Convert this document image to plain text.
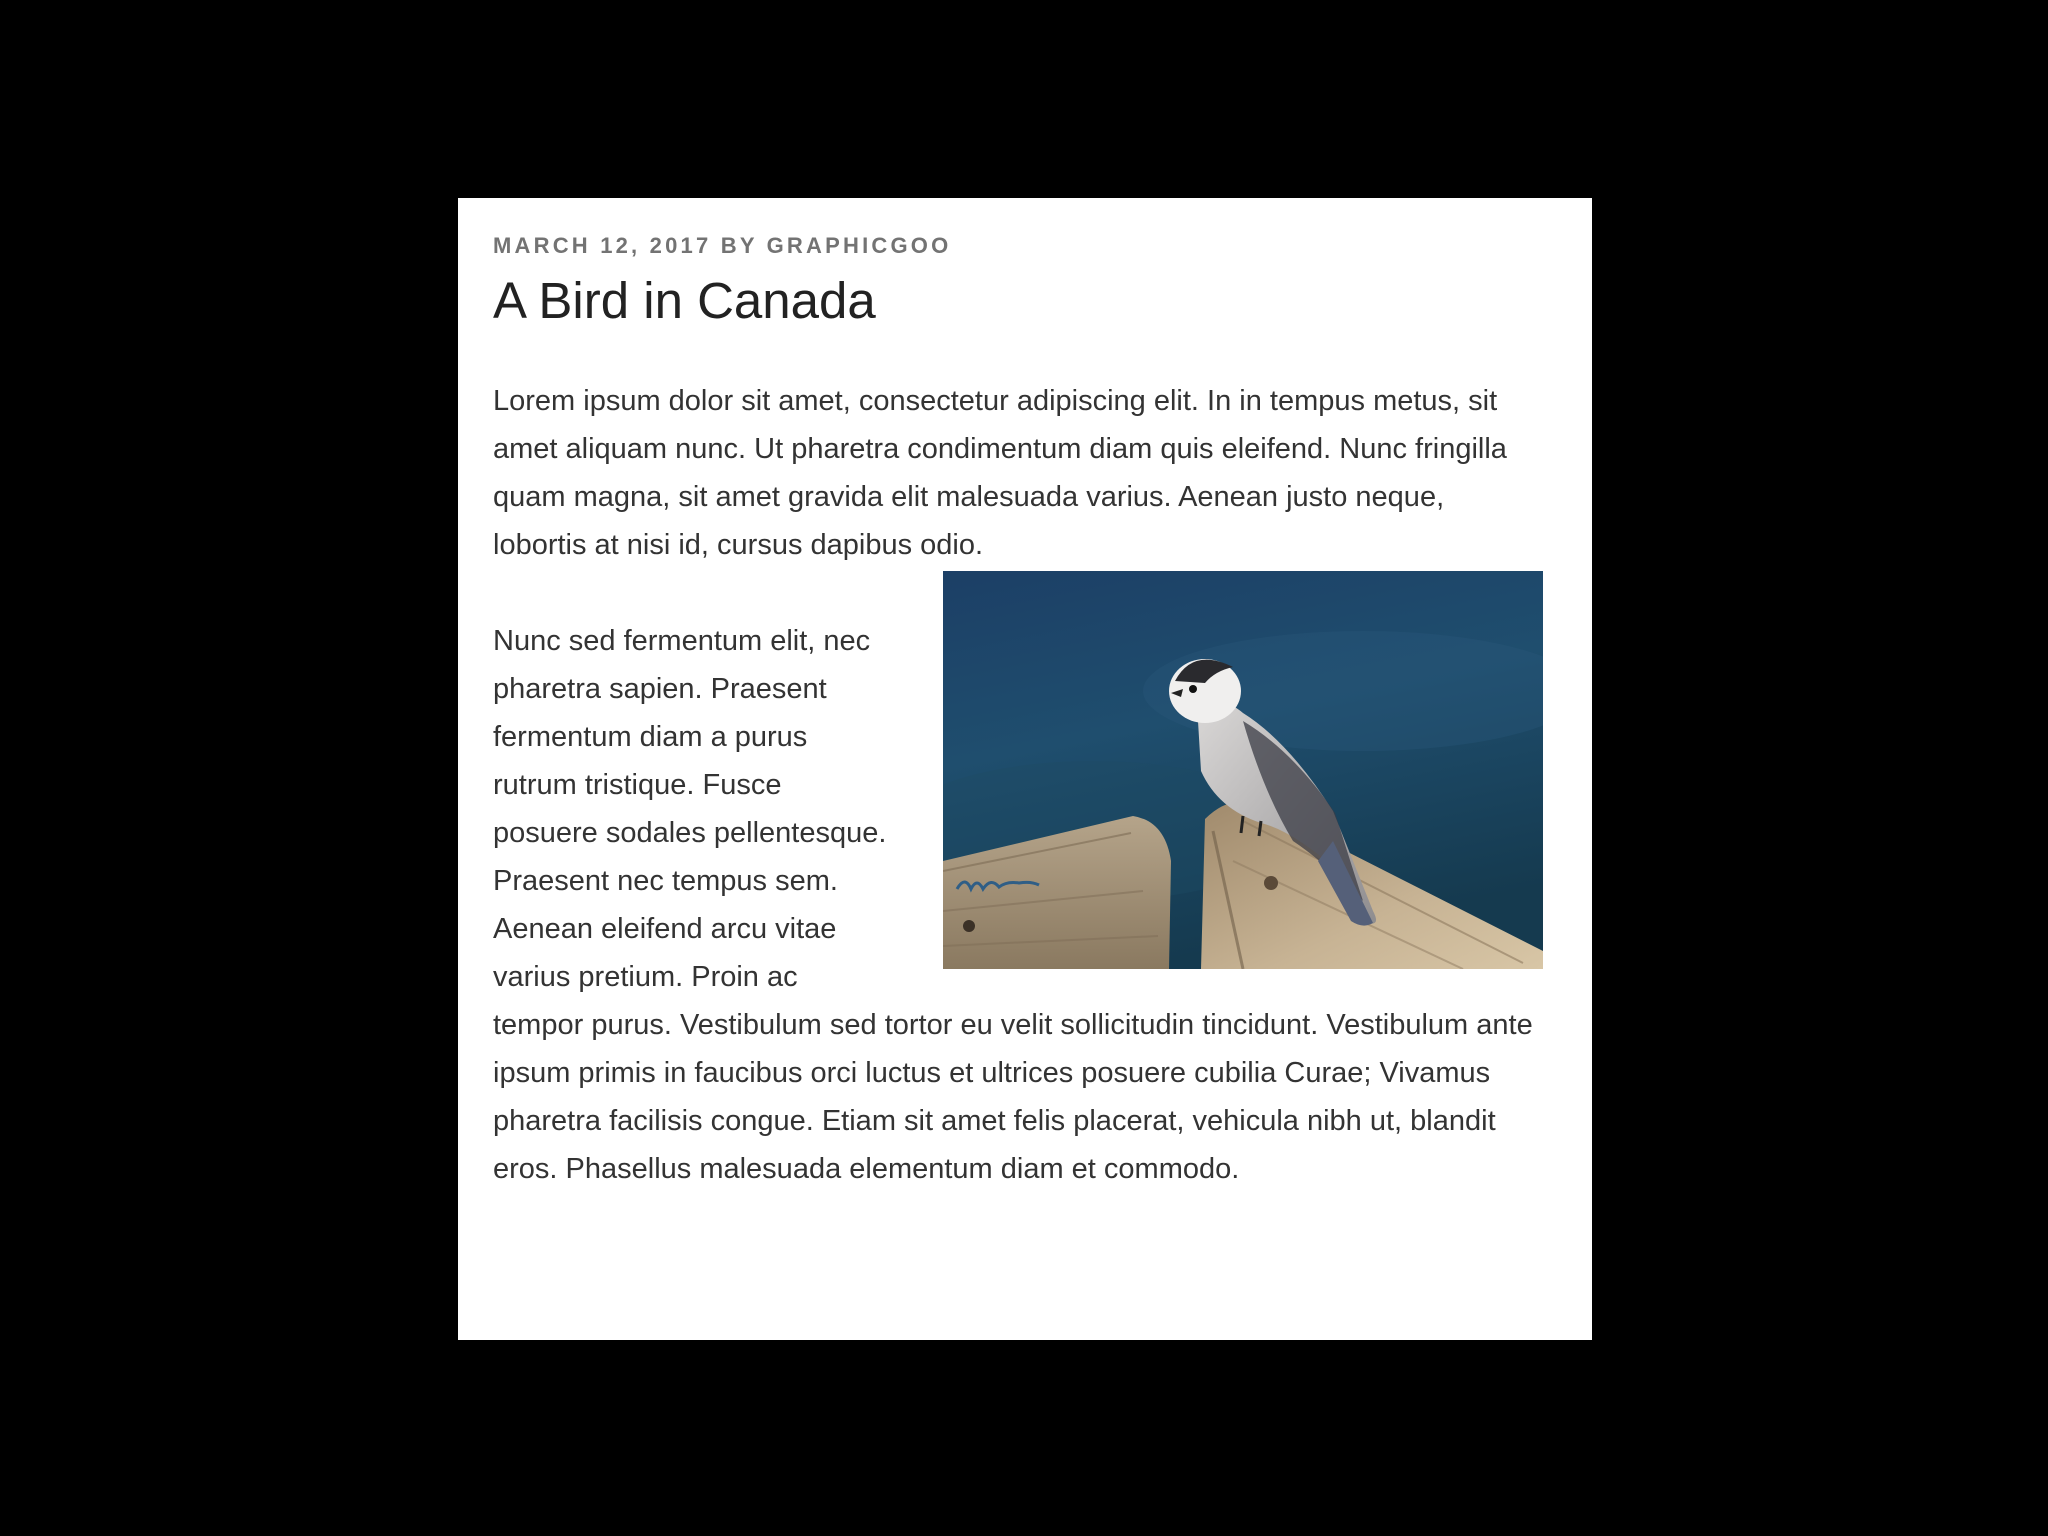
MARCH 12, 2017 BY GRAPHICGOO
A Bird in Canada

Lorem ipsum dolor sit amet, consectetur adipiscing elit. In in tempus metus, sit amet aliquam nunc. Ut pharetra condimentum diam quis eleifend. Nunc fringilla quam magna, sit amet gravida elit malesuada varius. Aenean justo neque, lobortis at nisi id, cursus dapibus odio.

Nunc sed fermentum elit, nec pharetra sapien. Praesent fermentum diam a purus rutrum tristique. Fusce posuere sodales pellentesque. Praesent nec tempus sem. Aenean eleifend arcu vitae varius pretium. Proin ac tempor purus. Vestibulum sed tortor eu velit sollicitudin tincidunt. Vestibulum ante ipsum primis in faucibus orci luctus et ultrices posuere cubilia Curae; Vivamus pharetra facilisis congue. Etiam sit amet felis placerat, vehicula nibh ut, blandit eros. Phasellus malesuada elementum diam et commodo.
